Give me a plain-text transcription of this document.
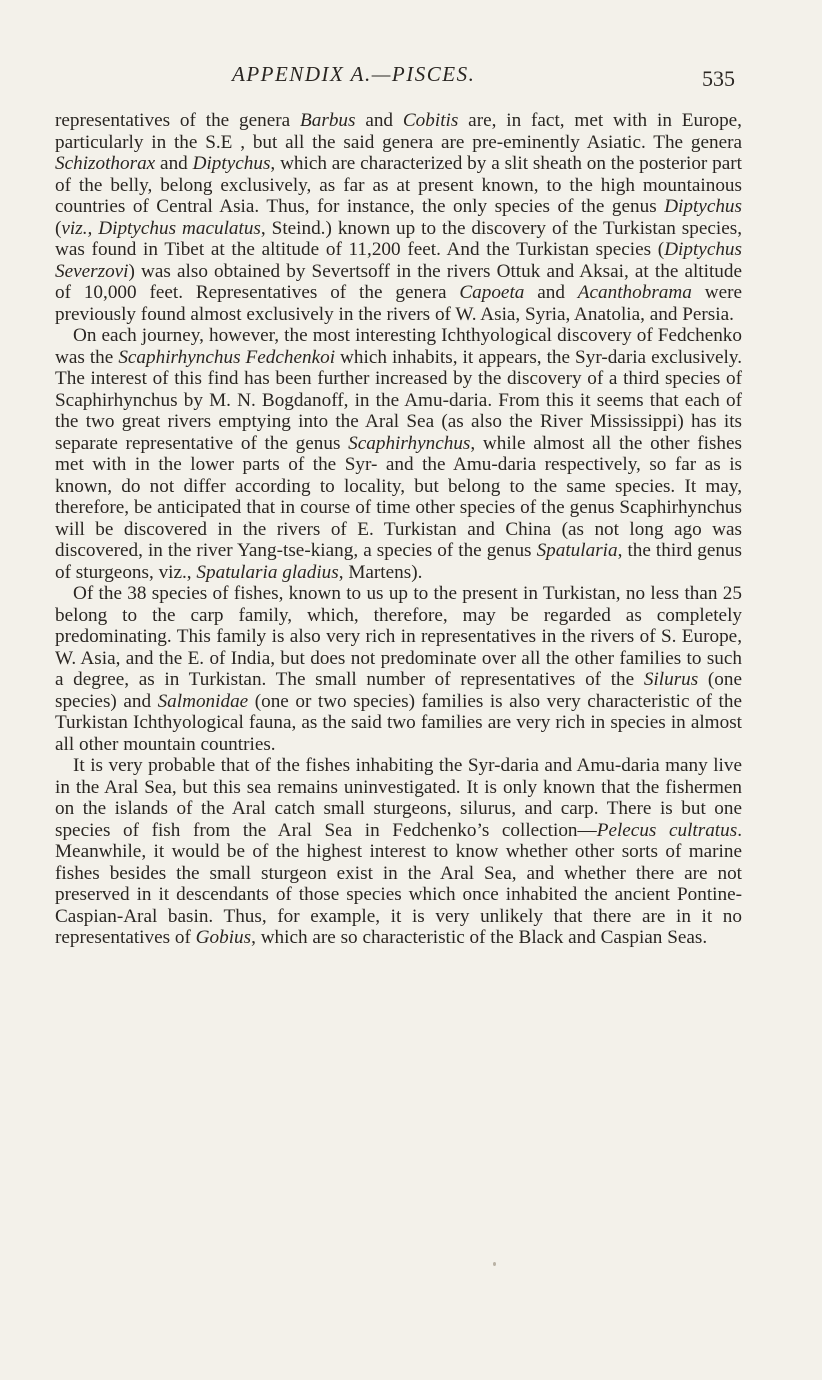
APPENDIX A.—PISCES.	535

representatives of the genera Barbus and Cobitis are, in fact, met with in Europe, particularly in the S.E , but all the said genera are pre-eminently Asiatic. The genera Schizothorax and Diptychus, which are characterized by a slit sheath on the posterior part of the belly, belong exclusively, as far as at present known, to the high mountainous countries of Central Asia. Thus, for instance, the only species of the genus Diptychus (viz., Diptychus maculatus, Steind.) known up to the discovery of the Turkistan species, was found in Tibet at the altitude of 11,200 feet. And the Turkistan species (Diptychus Severzovi) was also obtained by Severtsoff in the rivers Ottuk and Aksai, at the altitude of 10,000 feet. Representatives of the genera Capoeta and Acanthobrama were previously found almost exclusively in the rivers of W. Asia, Syria, Anatolia, and Persia.

On each journey, however, the most interesting Ichthyological discovery of Fedchenko was the Scaphirhynchus Fedchenkoi which inhabits, it appears, the Syr-daria exclusively. The interest of this find has been further increased by the discovery of a third species of Scaphirhynchus by M. N. Bogdanoff, in the Amu-daria. From this it seems that each of the two great rivers emptying into the Aral Sea (as also the River Mississippi) has its separate representative of the genus Scaphirhynchus, while almost all the other fishes met with in the lower parts of the Syr- and the Amu-daria respectively, so far as is known, do not differ according to locality, but belong to the same species. It may, therefore, be anticipated that in course of time other species of the genus Scaphirhynchus will be discovered in the rivers of E. Turkistan and China (as not long ago was discovered, in the river Yang-tse-kiang, a species of the genus Spatularia, the third genus of sturgeons, viz., Spatularia gladius, Martens).

Of the 38 species of fishes, known to us up to the present in Turkistan, no less than 25 belong to the carp family, which, therefore, may be regarded as completely predominating. This family is also very rich in representatives in the rivers of S. Europe, W. Asia, and the E. of India, but does not predominate over all the other families to such a degree, as in Turkistan. The small number of representatives of the Silurus (one species) and Salmonidae (one or two species) families is also very characteristic of the Turkistan Ichthyological fauna, as the said two families are very rich in species in almost all other mountain countries.

It is very probable that of the fishes inhabiting the Syr-daria and Amu-daria many live in the Aral Sea, but this sea remains uninvestigated. It is only known that the fishermen on the islands of the Aral catch small sturgeons, silurus, and carp. There is but one species of fish from the Aral Sea in Fedchenko’s collection—Pelecus cultratus. Meanwhile, it would be of the highest interest to know whether other sorts of marine fishes besides the small sturgeon exist in the Aral Sea, and whether there are not preserved in it descendants of those species which once inhabited the ancient Pontine-Caspian-Aral basin. Thus, for example, it is very unlikely that there are in it no representatives of Gobius, which are so characteristic of the Black and Caspian Seas.
